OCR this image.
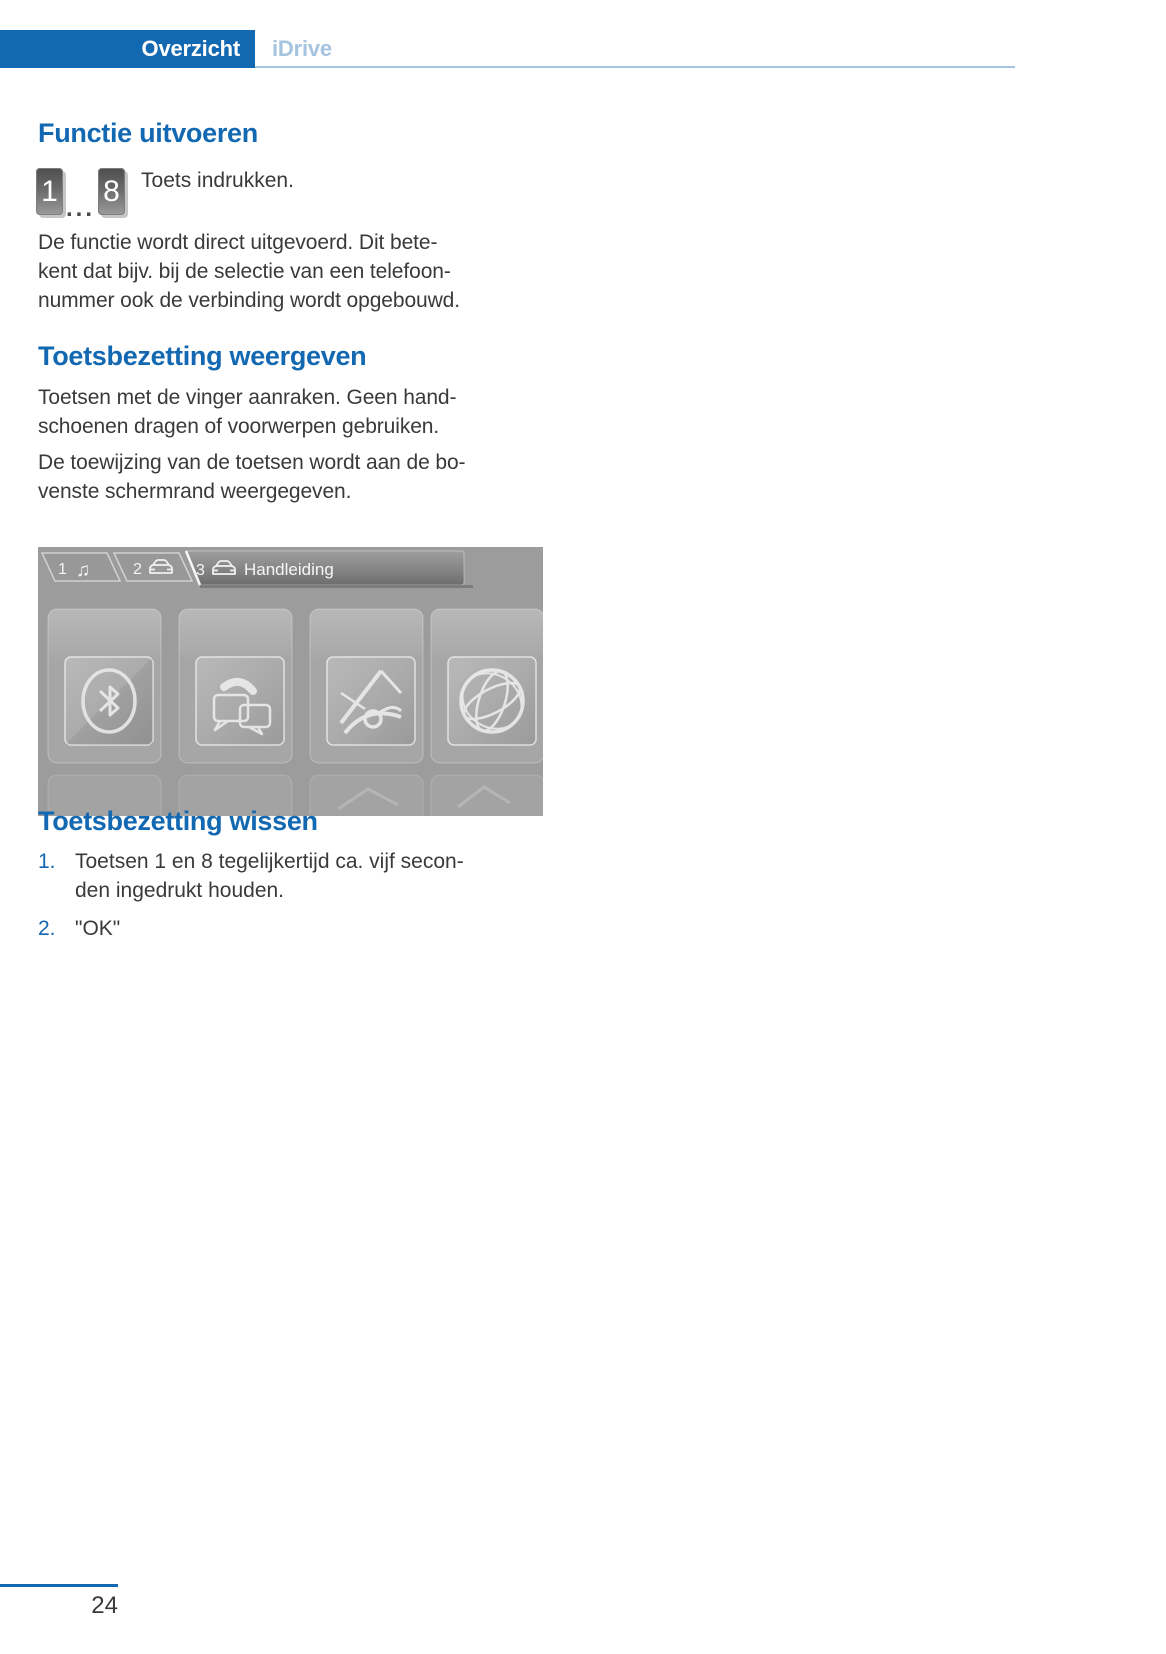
Overzicht iDrive
Functie uitvoeren
1
...
8 Toets indrukken.
De functie wordt direct uitgevoerd. Dit bete-
kent dat bijv. bij de selectie van een telefoon-
nummer ook de verbinding wordt opgebouwd.
Toetsbezetting weergeven
Toetsen met de vinger aanraken. Geen hand-
schoenen dragen of voorwerpen gebruiken.
De toewijzing van de toetsen wordt aan de bo-
venste schermrand weergegeven.
1 ♫	2	3 Handleiding
Toetsbezetting wissen
1. Toetsen 1 en 8 tegelijkertijd ca. vijf secon-
den ingedrukt houden.
2. "OK"
24
